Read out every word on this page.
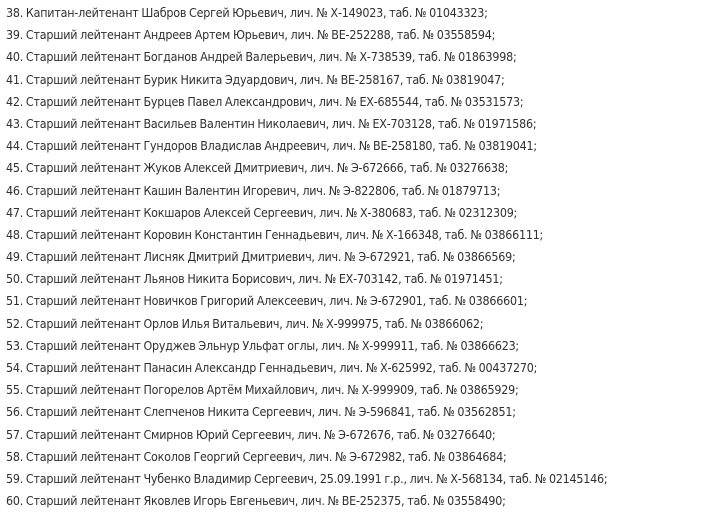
38. Капитан-лейтенант Шабров Сергей Юрьевич, лич. № Х-149023, таб. № 01043323;
39. Старший лейтенант Андреев Артем Юрьевич, лич. № ВЕ-252288, таб. № 03558594;
40. Старший лейтенант Богданов Андрей Валерьевич, лич. № Х-738539, таб. № 01863998;
41. Старший лейтенант Бурик Никита Эдуардович, лич. № ВЕ-258167, таб. № 03819047;
42. Старший лейтенант Бурцев Павел Александрович, лич. № ЕХ-685544, таб. № 03531573;
43. Старший лейтенант Васильев Валентин Николаевич, лич. № ЕХ-703128, таб. № 01971586;
44. Старший лейтенант Гундоров Владислав Андреевич, лич. № ВЕ-258180, таб. № 03819041;
45. Старший лейтенант Жуков Алексей Дмитриевич, лич. № Э-672666, таб. № 03276638;
46. Старший лейтенант Кашин Валентин Игоревич, лич. № Э-822806, таб. № 01879713;
47. Старший лейтенант Кокшаров Алексей Сергеевич, лич. № Х-380683, таб. № 02312309;
48. Старший лейтенант Коровин Константин Геннадьевич, лич. № Х-166348, таб. № 03866111;
49. Старший лейтенант Лисняк Дмитрий Дмитриевич, лич. № Э-672921, таб. № 03866569;
50. Старший лейтенант Льянов Никита Борисович, лич. № ЕХ-703142, таб. № 01971451;
51. Старший лейтенант Новичков Григорий Алексеевич, лич. № Э-672901, таб. № 03866601;
52. Старший лейтенант Орлов Илья Витальевич, лич. № Х-999975, таб. № 03866062;
53. Старший лейтенант Оруджев Эльнур Ульфат оглы, лич. № Х-999911, таб. № 03866623;
54. Старший лейтенант Панасин Александр Геннадьевич, лич. № Х-625992, таб. № 00437270;
55. Старший лейтенант Погорелов Артём Михайлович, лич. № Х-999909, таб. № 03865929;
56. Старший лейтенант Слепченов Никита Сергеевич, лич. № Э-596841, таб. № 03562851;
57. Старший лейтенант Смирнов Юрий Сергеевич, лич. № Э-672676, таб. № 03276640;
58. Старший лейтенант Соколов Георгий Сергеевич, лич. № Э-672982, таб. № 03864684;
59. Старший лейтенант Чубенко Владимир Сергеевич, 25.09.1991 г.р., лич. № Х-568134, таб. № 02145146;
60. Старший лейтенант Яковлев Игорь Евгеньевич, лич. № ВЕ-252375, таб. № 03558490;
